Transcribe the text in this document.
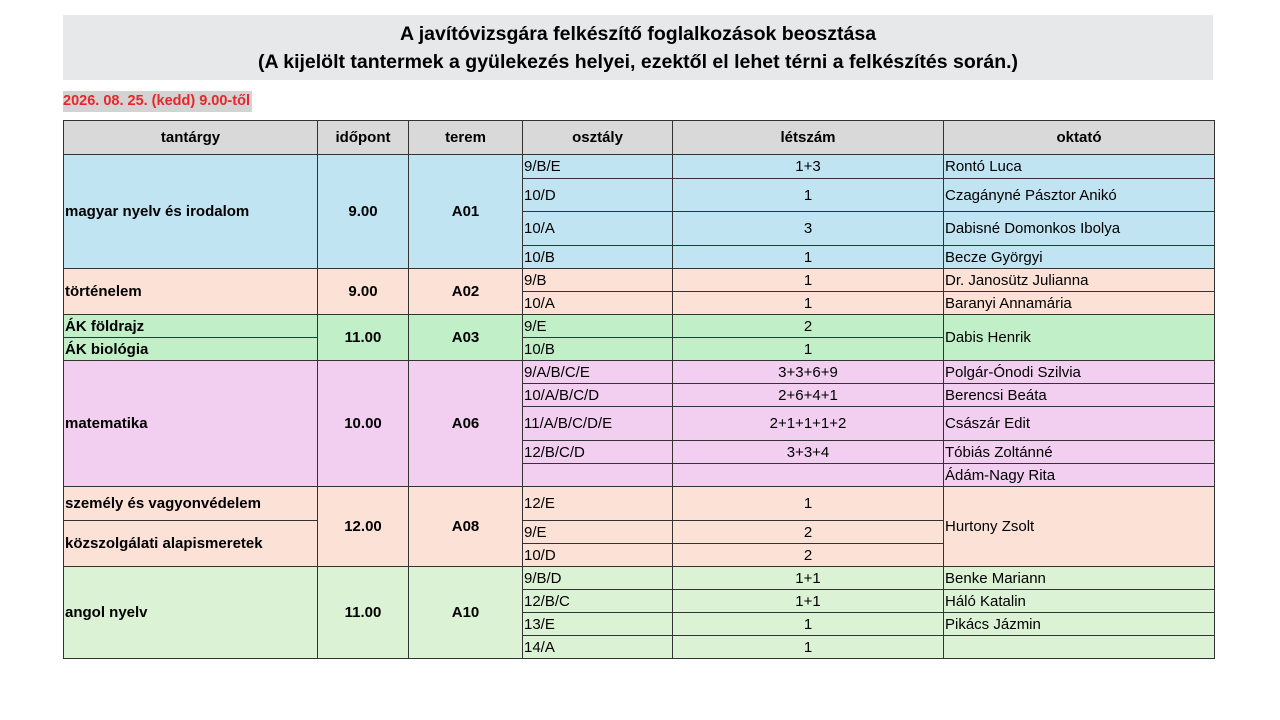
A javítóvizsgára felkészítő foglalkozások beosztása
(A kijelölt tantermek a gyülekezés helyei, ezektől el lehet térni a felkészítés során.)
2026. 08. 25. (kedd) 9.00-től
tantárgy	időpont	terem	osztály	létszám	oktató
magyar nyelv és irodalom	9.00	A01	9/B/E	1+3	Rontó Luca
			10/D	1	Czagányné Pásztor Anikó
			10/A	3	Dabisné Domonkos Ibolya
			10/B	1	Becze Györgyi
történelem	9.00	A02	9/B	1	Dr. Janosütz Julianna
			10/A	1	Baranyi Annamária
ÁK földrajz	11.00	A03	9/E	2	Dabis Henrik
ÁK biológia			10/B	1	
matematika	10.00	A06	9/A/B/C/E	3+3+6+9	Polgár-Ónodi Szilvia
			10/A/B/C/D	2+6+4+1	Berencsi Beáta
			11/A/B/C/D/E	2+1+1+1+2	Császár Edit
			12/B/C/D	3+3+4	Tóbiás Zoltánné
					Ádám-Nagy Rita
személy és vagyonvédelem	12.00	A08	12/E	1	Hurtony Zsolt
közszolgálati alapismeretek			9/E	2	
			10/D	2	
angol nyelv	11.00	A10	9/B/D	1+1	Benke Mariann
			12/B/C	1+1	Háló Katalin
			13/E	1	Pikács Jázmin
			14/A	1	
